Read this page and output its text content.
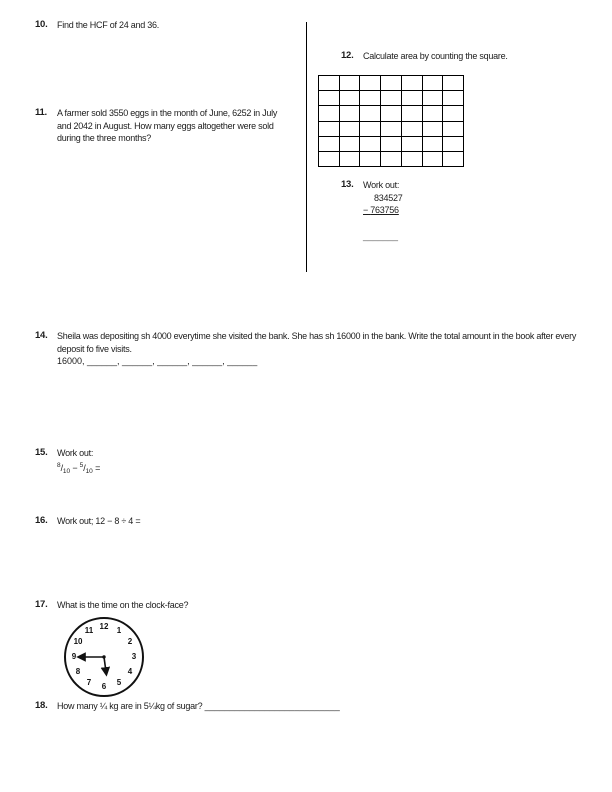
10.	Find the HCF of 24 and 36.
11.	A farmer sold 3550 eggs in the month of June, 6252 in July
and 2042 in August. How many eggs altogether were sold
during the three months?
12.	Calculate area by counting the square.
13.	Work out:
834527
− 763756
_______
14.	Sheila was depositing sh 4000 everytime she visited the bank. She has sh 16000 in the bank. Write the total amount in the book after every
deposit fo five visits.
16000, ______, ______, ______, ______, ______
15.	Work out:
$^8/_{10} - ^5/_{10}$ =
16.	Work out; 12 − 8 ÷ 4 =
17.	What is the time on the clock-face?
12 1
2
3
4
5
6
7
8
9
10
11
18.	How many ¼ kg are in 5¼kg of sugar? ___________________________
